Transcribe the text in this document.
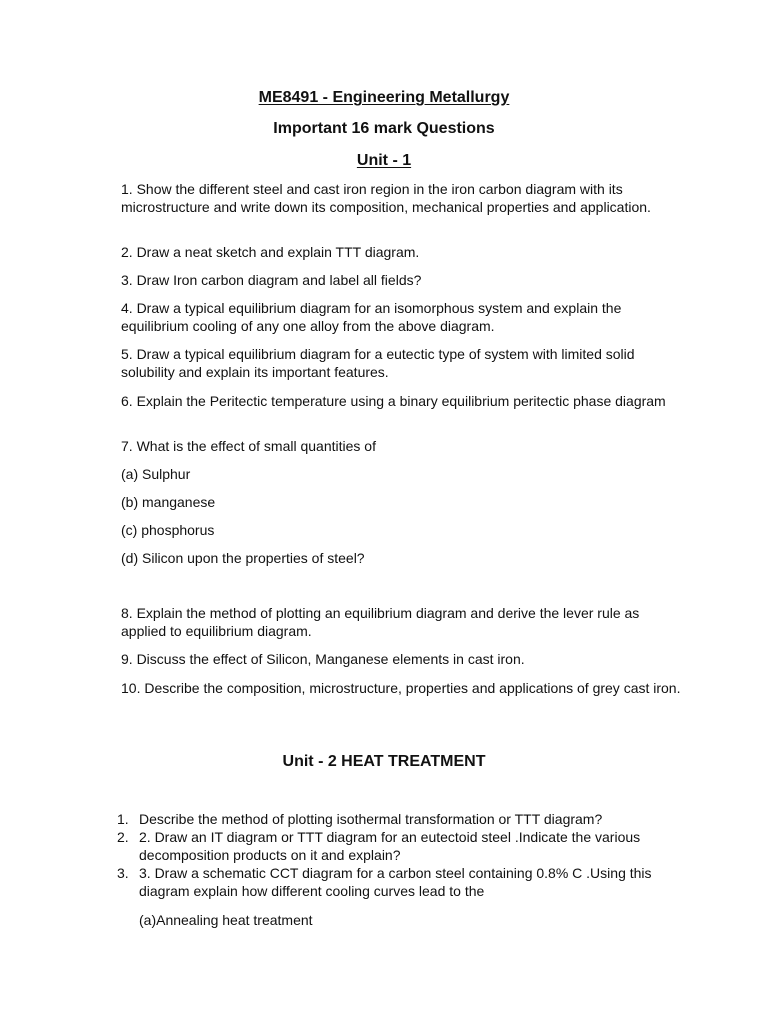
ME8491 - Engineering Metallurgy
Important 16 mark Questions
Unit - 1

1. Show the different steel and cast iron region in the iron carbon diagram with its microstructure and write down its composition, mechanical properties and application.

2. Draw a neat sketch and explain TTT diagram.

3. Draw Iron carbon diagram and label all fields?

4. Draw a typical equilibrium diagram for an isomorphous system and explain the equilibrium cooling of any one alloy from the above diagram.

5. Draw a typical equilibrium diagram for a eutectic type of system with limited solid solubility and explain its important features.

6. Explain the Peritectic temperature using a binary equilibrium peritectic phase diagram

7. What is the effect of small quantities of

(a) Sulphur

(b) manganese

(c) phosphorus

(d) Silicon upon the properties of steel?

8. Explain the method of plotting an equilibrium diagram and derive the lever rule as applied to equilibrium diagram.

9. Discuss the effect of Silicon, Manganese elements in cast iron.

10. Describe the composition, microstructure, properties and applications of grey cast iron.

Unit - 2 HEAT TREATMENT
1. Describe the method of plotting isothermal transformation or TTT diagram?
2. 2. Draw an IT diagram or TTT diagram for an eutectoid steel .Indicate the various decomposition products on it and explain?
3. 3. Draw a schematic CCT diagram for a carbon steel containing 0.8% C .Using this diagram explain how different cooling curves lead to the

(a)Annealing heat treatment
